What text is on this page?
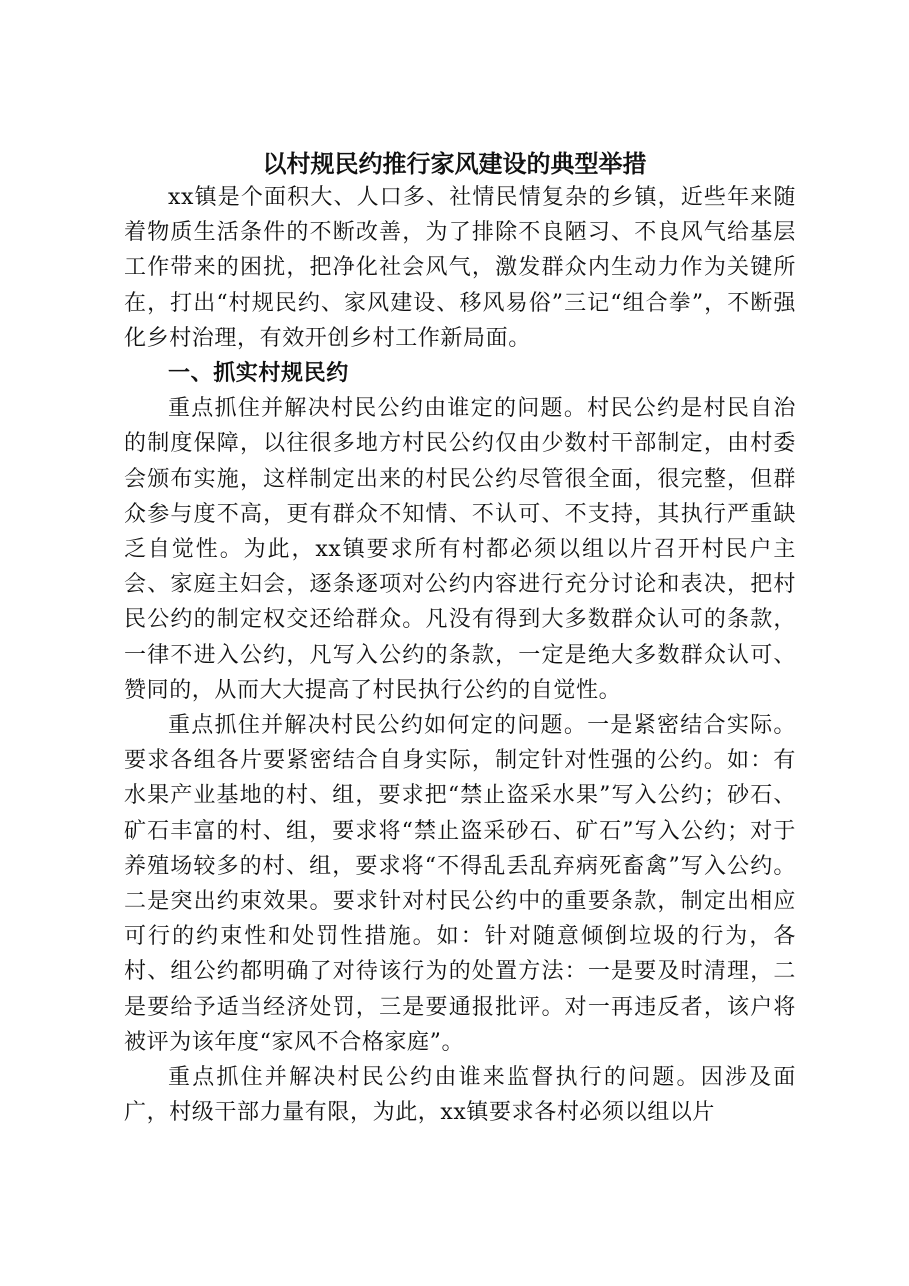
以村规民约推行家风建设的典型举措

xx镇是个面积大、人口多、社情民情复杂的乡镇，近些年来随着物质生活条件的不断改善，为了排除不良陋习、不良风气给基层工作带来的困扰，把净化社会风气，激发群众内生动力作为关键所在，打出“村规民约、家风建设、移风易俗”三记“组合拳”，不断强化乡村治理，有效开创乡村工作新局面。

一、抓实村规民约

重点抓住并解决村民公约由谁定的问题。村民公约是村民自治的制度保障，以往很多地方村民公约仅由少数村干部制定，由村委会颁布实施，这样制定出来的村民公约尽管很全面，很完整，但群众参与度不高，更有群众不知情、不认可、不支持，其执行严重缺乏自觉性。为此，xx镇要求所有村都必须以组以片召开村民户主会、家庭主妇会，逐条逐项对公约内容进行充分讨论和表决，把村民公约的制定权交还给群众。凡没有得到大多数群众认可的条款，一律不进入公约，凡写入公约的条款，一定是绝大多数群众认可、赞同的，从而大大提高了村民执行公约的自觉性。

重点抓住并解决村民公约如何定的问题。一是紧密结合实际。要求各组各片要紧密结合自身实际，制定针对性强的公约。如：有水果产业基地的村、组，要求把“禁止盗采水果”写入公约；砂石、矿石丰富的村、组，要求将“禁止盗采砂石、矿石”写入公约；对于养殖场较多的村、组，要求将“不得乱丢乱弃病死畜禽”写入公约。二是突出约束效果。要求针对村民公约中的重要条款，制定出相应可行的约束性和处罚性措施。如：针对随意倾倒垃圾的行为，各村、组公约都明确了对待该行为的处置方法：一是要及时清理，二是要给予适当经济处罚，三是要通报批评。对一再违反者，该户将被评为该年度“家风不合格家庭”。

重点抓住并解决村民公约由谁来监督执行的问题。因涉及面广，村级干部力量有限，为此，xx镇要求各村必须以组以片
